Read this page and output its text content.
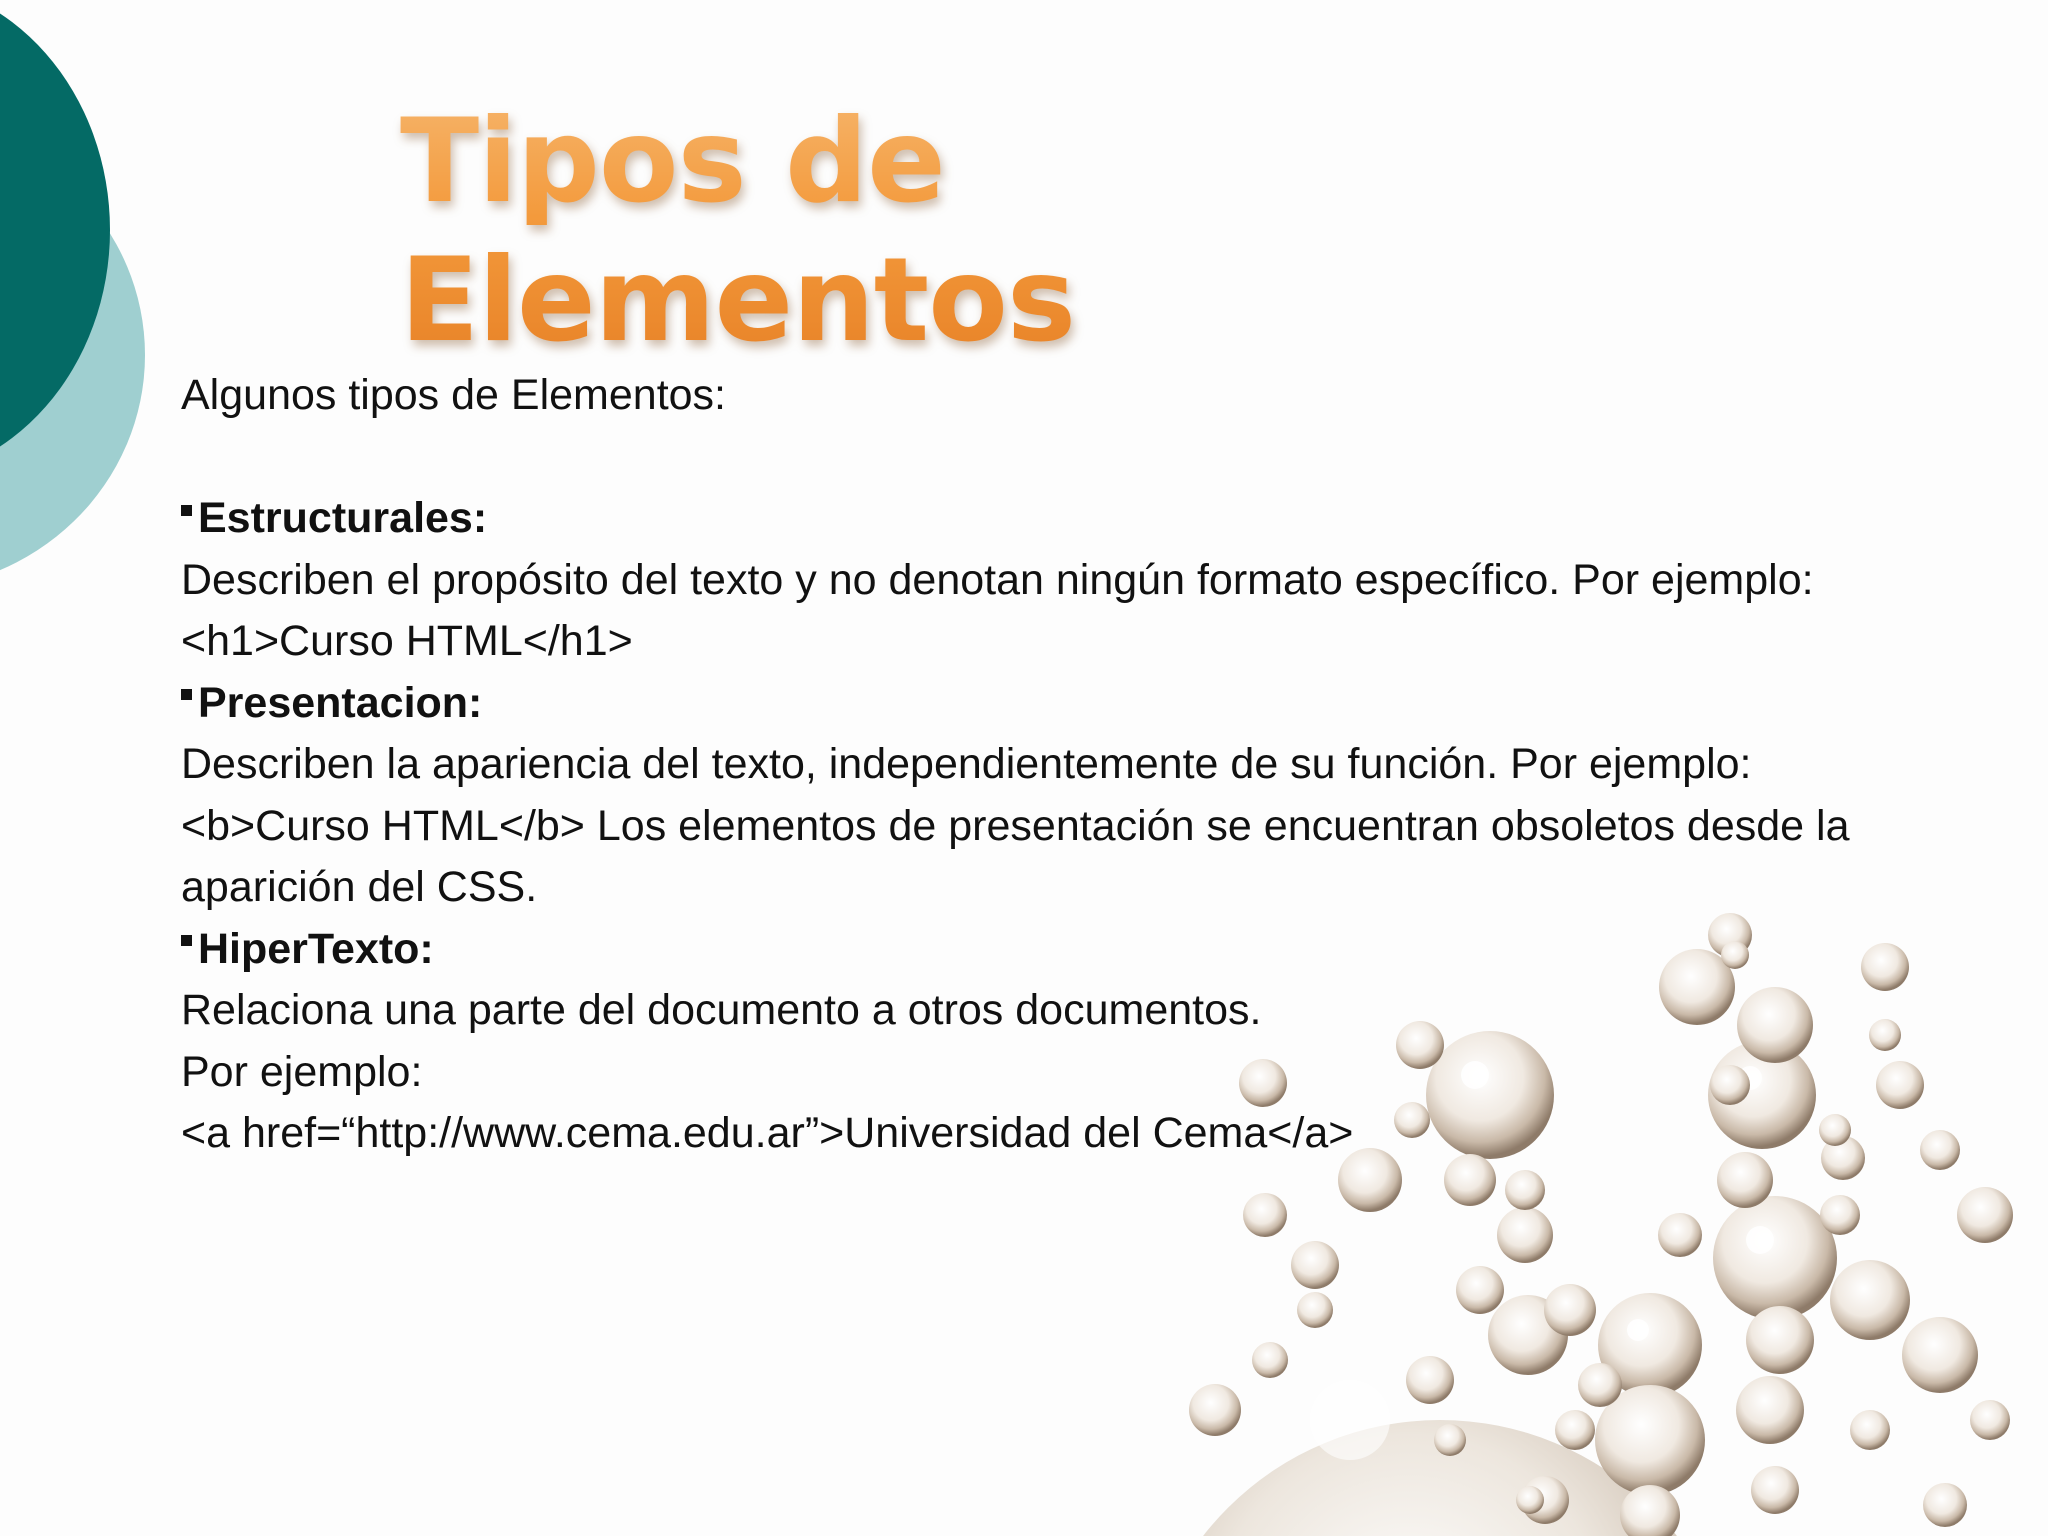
Tipos de Elementos

Algunos tipos de Elementos:

Estructurales:

Describen el propósito del texto y no denotan ningún formato específico. Por ejemplo:

<h1>Curso HTML</h1>

Presentacion:

Describen la apariencia del texto, independientemente de su función. Por ejemplo:

<b>Curso HTML</b> Los elementos de presentación se encuentran obsoletos desde la

aparición del CSS.

HiperTexto:

Relaciona una parte del documento a otros documentos.

Por ejemplo:

<a href=“http://www.cema.edu.ar”>Universidad del Cema</a>
